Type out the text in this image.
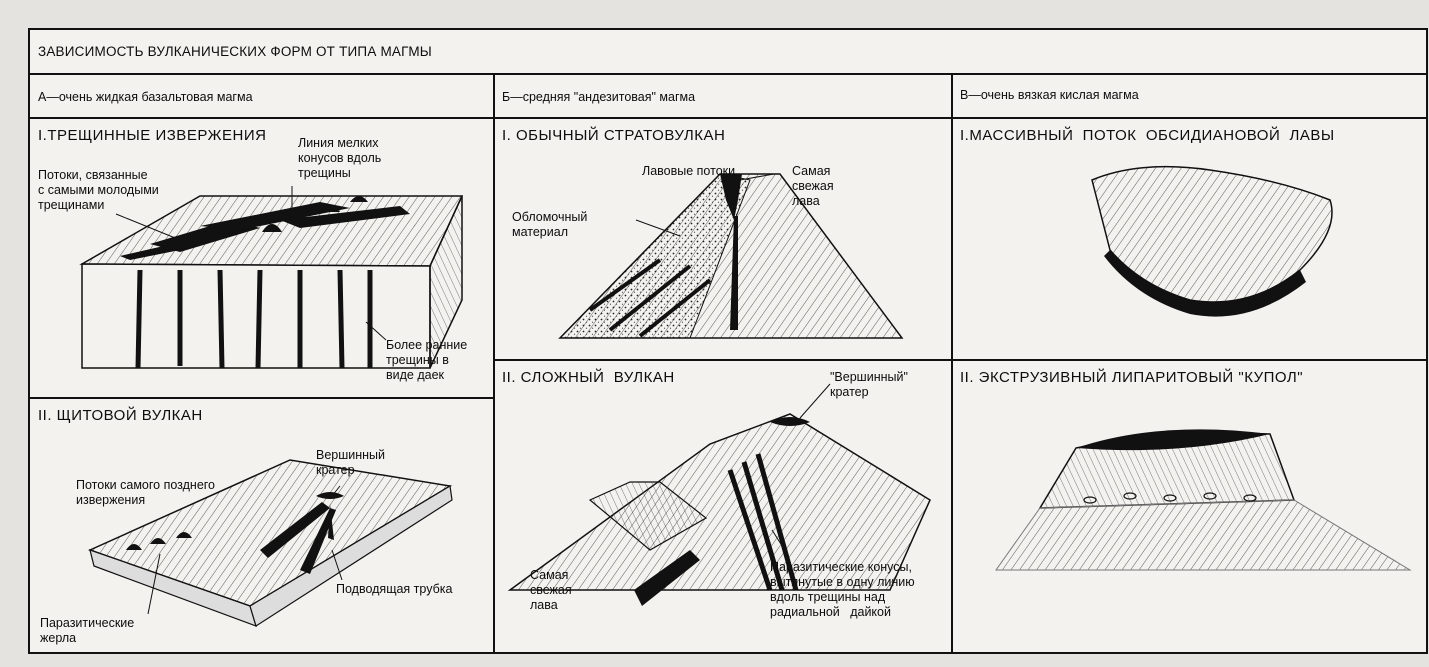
ЗАВИСИМОСТЬ ВУЛКАНИЧЕСКИХ ФОРМ ОТ ТИПА МАГМЫ
А—очень жидкая базальтовая магма	Б—средняя "андезитовая" магма	В—очень вязкая кислая магма
I.ТРЕЩИННЫЕ ИЗВЕРЖЕНИЯ	Линия мелких
конусов вдоль
трещины
Потоки, связанные
с самыми молодыми
трещинами
Более ранние
трещины в
виде даек
II. ЩИТОВОЙ ВУЛКАН
Вершинный
кратер
Потоки самого позднего
извержения
Подводящая трубка
Паразитические
жерла
I. ОБЫЧНЫЙ СТРАТОВУЛКАН
Лавовые потоки	Самая
свежая
лава
Обломочный
материал
II. СЛОЖНЫЙ  ВУЛКАН	"Вершинный"
кратер
Самая
свежая
лава
Паразитические конусы,
вытянутые в одну линию
вдоль трещины над
радиальной   дайкой
I.МАССИВНЫЙ  ПОТОК  ОБСИДИАНОВОЙ  ЛАВЫ
II. ЭКСТРУЗИВНЫЙ ЛИПАРИТОВЫЙ "КУПОЛ"
